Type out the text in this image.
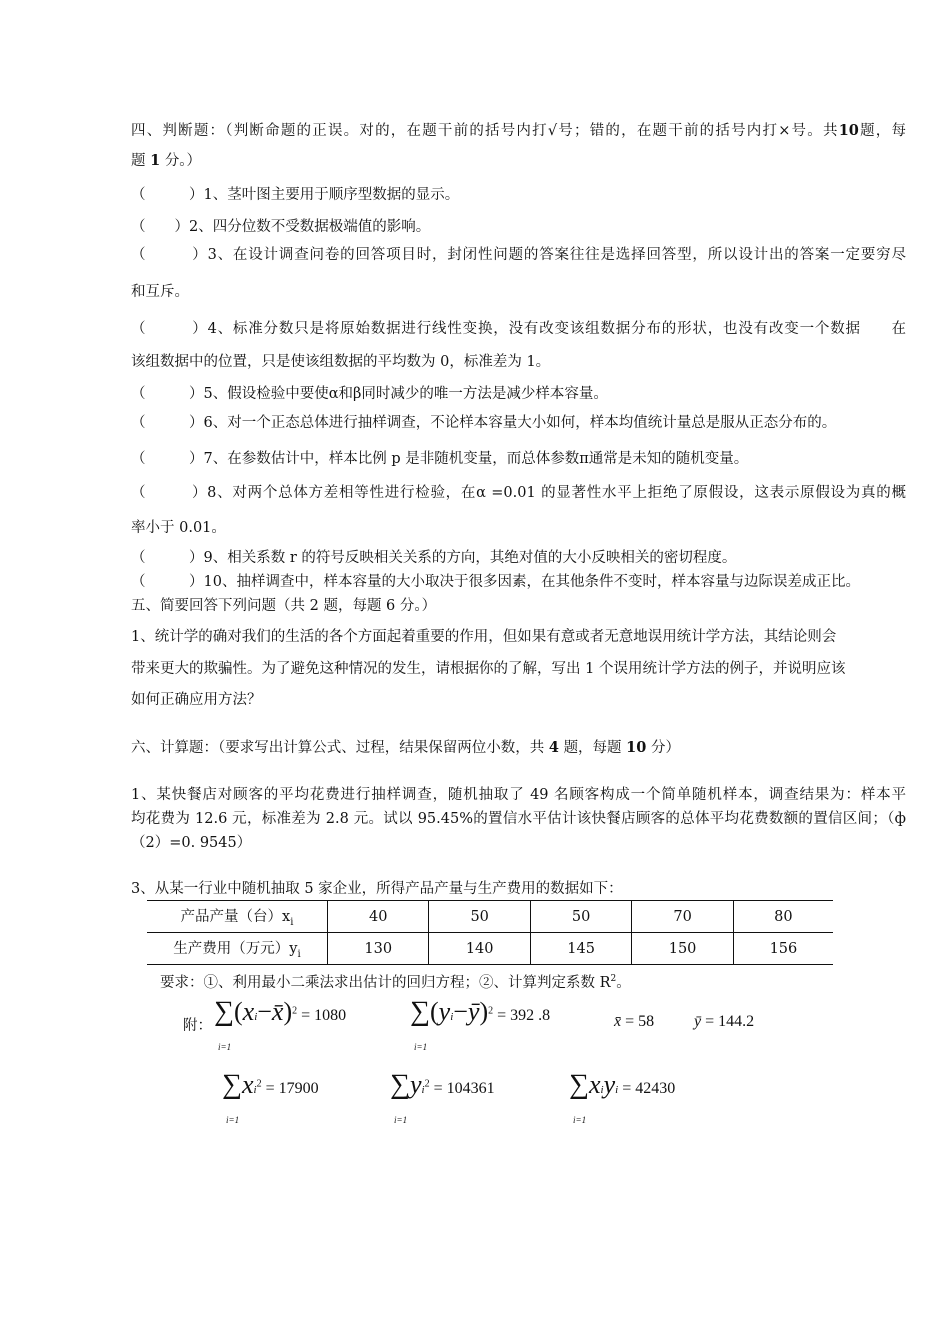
四、判断题：（判断命题的正误。对的，在题干前的括号内打√号；错的，在题干前的括号内打×号。共10题，每
题 1 分。）
（　　　）1、茎叶图主要用于顺序型数据的显示。
（　　）2、四分位数不受数据极端值的影响。
（　　　）3、在设计调查问卷的回答项目时，封闭性问题的答案往往是选择回答型，所以设计出的答案一定要穷尽
和互斥。
（　　　）4、标准分数只是将原始数据进行线性变换，没有改变该组数据分布的形状，也没有改变一个数据　　在
该组数据中的位置，只是使该组数据的平均数为 0，标准差为 1。
（　　　）5、假设检验中要使α和β同时减少的唯一方法是减少样本容量。
（　　　）6、对一个正态总体进行抽样调查，不论样本容量大小如何，样本均值统计量总是服从正态分布的。
（　　　）7、在参数估计中，样本比例 p 是非随机变量，而总体参数π通常是未知的随机变量。
（　　　）8、对两个总体方差相等性进行检验，在α =0.01 的显著性水平上拒绝了原假设，这表示原假设为真的概
率小于 0.01。
（　　　）9、相关系数 r 的符号反映相关关系的方向，其绝对值的大小反映相关的密切程度。
（　　　）10、抽样调查中，样本容量的大小取决于很多因素，在其他条件不变时，样本容量与边际误差成正比。
五、简要回答下列问题（共 2 题，每题 6 分。）
1、统计学的确对我们的生活的各个方面起着重要的作用，但如果有意或者无意地误用统计学方法，其结论则会
带来更大的欺骗性。为了避免这种情况的发生，请根据你的了解，写出 1 个误用统计学方法的例子，并说明应该
如何正确应用方法？
六、计算题：（要求写出计算公式、过程，结果保留两位小数，共 4 题，每题 10 分）
1、某快餐店对顾客的平均花费进行抽样调查，随机抽取了 49 名顾客构成一个简单随机样本，调查结果为：样本平
均花费为 12.6 元，标准差为 2.8 元。试以 95.45%的置信水平估计该快餐店顾客的总体平均花费数额的置信区间；（ф
（2）=0. 9545）
3、从某一行业中随机抽取 5 家企业，所得产品产量与生产费用的数据如下：
产品产量（台）$x_i$	40	50	50	70	80
生产费用（万元）$y_i$	130	140	145	150	156
要求：①、利用最小二乘法求出估计的回归方程；②、计算判定系数 $R^2$。
附： ∑(xi−x̄)$^2$ = 1080
i=1
∑(yi−ȳ)$^2$ = 392 .8
i=1
x̄ = 58 ȳ = 144.2
$\sum xi^2 = 17900$
i=1
$\sum yi^2 = 104361$
i=1
∑xiyi = 42430
i=1
